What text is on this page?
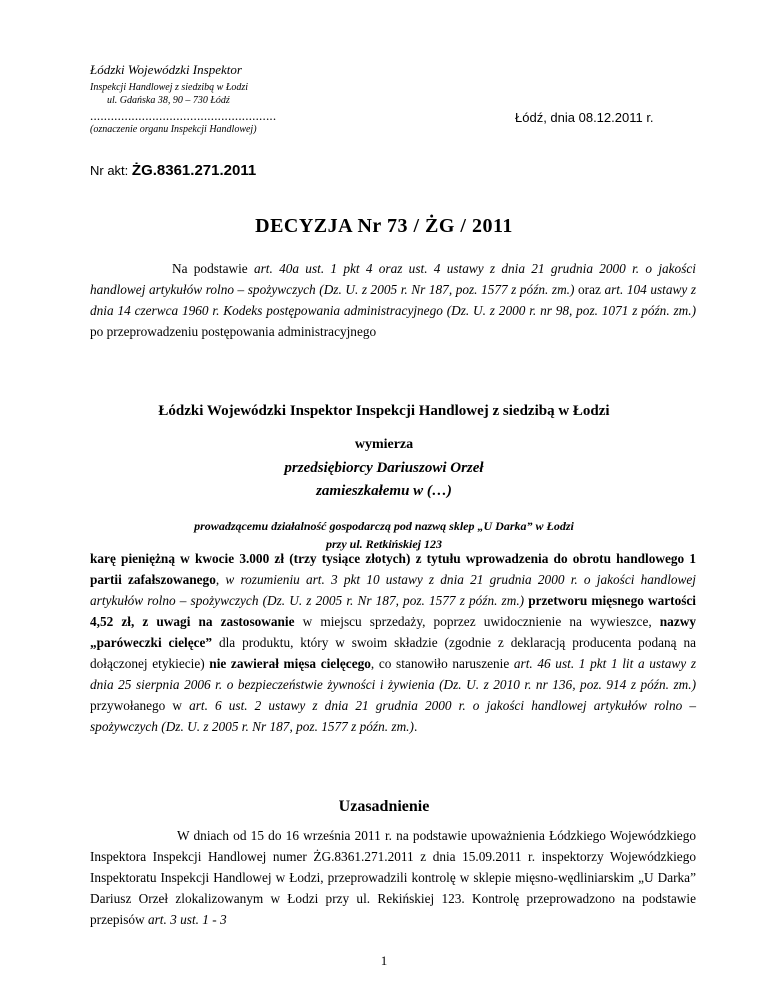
Łódzki Wojewódzki Inspektor
Inspekcji Handlowej z siedzibą w Łodzi
ul. Gdańska 38, 90 – 730 Łódź
......................................................
(oznaczenie organu Inspekcji Handlowej)
Łódź, dnia 08.12.2011 r.
Nr akt: ŻG.8361.271.2011
DECYZJA Nr 73 / ŻG / 2011
Na podstawie art. 40a ust. 1 pkt 4 oraz ust. 4 ustawy z dnia 21 grudnia 2000 r. o jakości handlowej artykułów rolno – spożywczych (Dz. U. z 2005 r. Nr 187, poz. 1577 z późn. zm.) oraz art. 104 ustawy z dnia 14 czerwca 1960 r. Kodeks postępowania administracyjnego (Dz. U. z 2000 r. nr 98, poz. 1071 z późn. zm.) po przeprowadzeniu postępowania administracyjnego
Łódzki Wojewódzki Inspektor Inspekcji Handlowej z siedzibą w Łodzi
wymierza
przedsiębiorcy Dariuszowi Orzeł
zamieszkałemu w (…)
prowadzącemu działalność gospodarczą pod nazwą sklep „U Darka” w Łodzi
przy ul. Retkińskiej 123
karę pieniężną w kwocie 3.000 zł (trzy tysiące złotych) z tytułu wprowadzenia do obrotu handlowego 1 partii zafałszowanego, w rozumieniu art. 3 pkt 10 ustawy z dnia 21 grudnia 2000 r. o jakości handlowej artykułów rolno – spożywczych (Dz. U. z 2005 r. Nr 187, poz. 1577 z późn. zm.) przetworu mięsnego wartości 4,52 zł, z uwagi na zastosowanie w miejscu sprzedaży, poprzez uwidocznienie na wywieszce, nazwy „parówеczki cielęce” dla produktu, który w swoim składzie (zgodnie z deklaracją producenta podaną na dołączonej etykiecie) nie zawierał mięsa cielęcego, co stanowiło naruszenie art. 46 ust. 1 pkt 1 lit a ustawy z dnia 25 sierpnia 2006 r. o bezpieczeństwie żywności i żywienia (Dz. U. z 2010 r. nr 136, poz. 914 z późn. zm.) przywołanego w art. 6 ust. 2 ustawy z dnia 21 grudnia 2000 r. o jakości handlowej artykułów rolno – spożywczych (Dz. U. z 2005 r. Nr 187, poz. 1577 z późn. zm.).
Uzasadnienie
W dniach od 15 do 16 września 2011 r. na podstawie upoważnienia Łódzkiego Wojewódzkiego Inspektora Inspekcji Handlowej numer ŻG.8361.271.2011 z dnia 15.09.2011 r. inspektorzy Wojewódzkiego Inspektoratu Inspekcji Handlowej w Łodzi, przeprowadzili kontrolę w sklepie mięsno-wędliniarskim „U Darka” Dariusz Orzeł zlokalizowanym w Łodzi przy ul. Rekińskiej 123. Kontrolę przeprowadzono na podstawie przepisów art. 3 ust. 1 - 3
1
